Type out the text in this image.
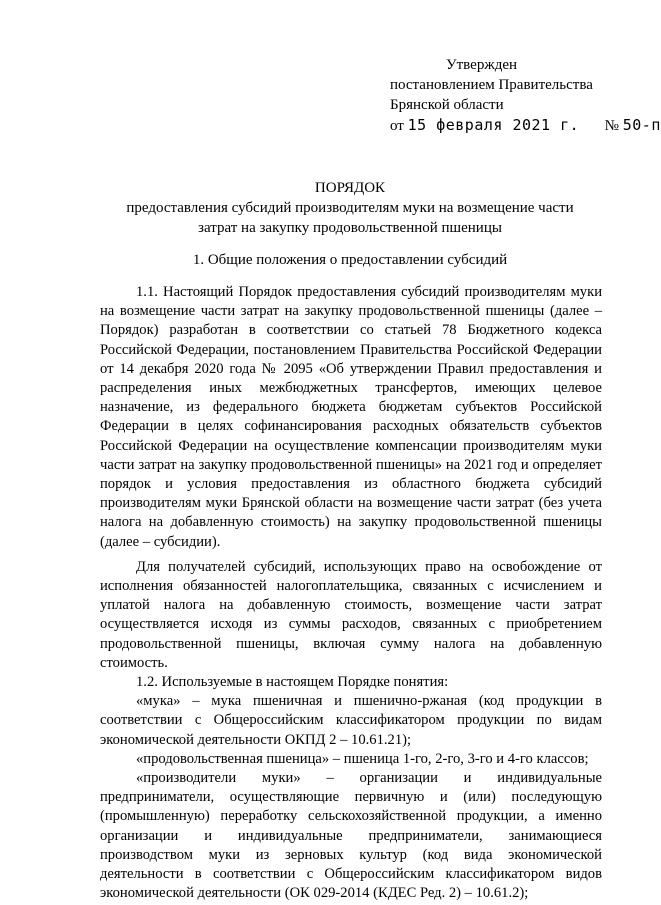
Утвержден
постановлением Правительства
Брянской области
от 15 февраля 2021 г. № 50-п
ПОРЯДОК
предоставления субсидий производителям муки на возмещение части
затрат на закупку продовольственной пшеницы
1. Общие положения о предоставлении субсидий

1.1. Настоящий Порядок предоставления субсидий производителям муки на возмещение части затрат на закупку продовольственной пшеницы (далее – Порядок) разработан в соответствии со статьей 78 Бюджетного кодекса Российской Федерации, постановлением Правительства Российской Федерации от 14 декабря 2020 года № 2095 «Об утверждении Правил предоставления и распределения иных межбюджетных трансфертов, имеющих целевое назначение, из федерального бюджета бюджетам субъектов Российской Федерации в целях софинансирования расходных обязательств субъектов Российской Федерации на осуществление компенсации производителям муки части затрат на закупку продовольственной пшеницы» на 2021 год и определяет порядок и условия предоставления из областного бюджета субсидий производителям муки Брянской области на возмещение части затрат (без учета налога на добавленную стоимость) на закупку продовольственной пшеницы (далее – субсидии).

Для получателей субсидий, использующих право на освобождение от исполнения обязанностей налогоплательщика, связанных с исчислением и уплатой налога на добавленную стоимость, возмещение части затрат осуществляется исходя из суммы расходов, связанных с приобретением продовольственной пшеницы, включая сумму налога на добавленную стоимость.

1.2. Используемые в настоящем Порядке понятия:

«мука» – мука пшеничная и пшенично-ржаная (код продукции в соответствии с Общероссийским классификатором продукции по видам экономической деятельности ОКПД 2 – 10.61.21);

«продовольственная пшеница» – пшеница 1-го, 2-го, 3-го и 4-го классов;

«производители муки» – организации и индивидуальные предприниматели, осуществляющие первичную и (или) последующую (промышленную) переработку сельскохозяйственной продукции, а именно организации и индивидуальные предприниматели, занимающиеся производством муки из зерновых культур (код вида экономической деятельности в соответствии с Общероссийским классификатором видов экономической деятельности (ОК 029-2014 (КДЕС Ред. 2) – 10.61.2);
